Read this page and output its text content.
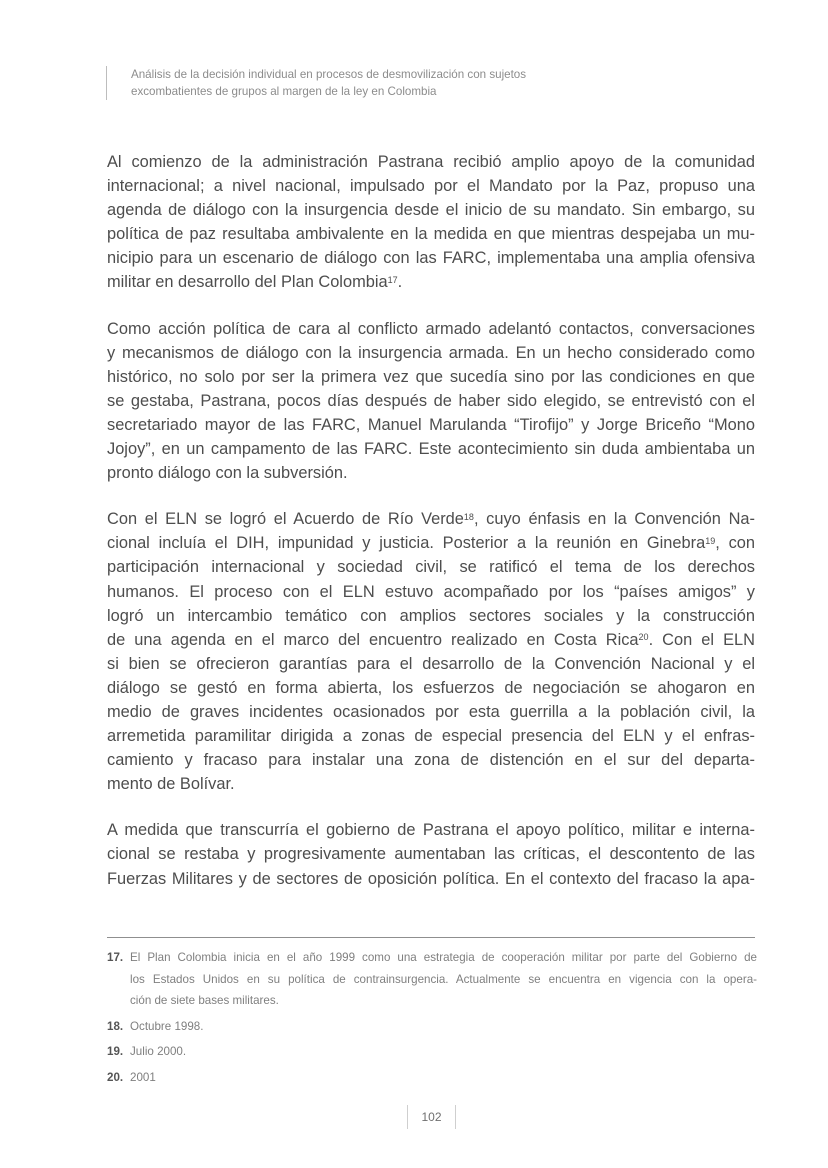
Análisis de la decisión individual en procesos de desmovilización con sujetos
excombatientes de grupos al margen de la ley en Colombia

Al comienzo de la administración Pastrana recibió amplio apoyo de la comunidad
internacional; a nivel nacional, impulsado por el Mandato por la Paz, propuso una
agenda de diálogo con la insurgencia desde el inicio de su mandato. Sin embargo, su
política de paz resultaba ambivalente en la medida en que mientras despejaba un mu-
nicipio para un escenario de diálogo con las FARC, implementaba una amplia ofensiva
militar en desarrollo del Plan Colombia$^{17}$.

Como acción política de cara al conflicto armado adelantó contactos, conversaciones
y mecanismos de diálogo con la insurgencia armada. En un hecho considerado como
histórico, no solo por ser la primera vez que sucedía sino por las condiciones en que
se gestaba, Pastrana, pocos días después de haber sido elegido, se entrevistó con el
secretariado mayor de las FARC, Manuel Marulanda “Tirofijo” y Jorge Briceño “Mono
Jojoy”, en un campamento de las FARC. Este acontecimiento sin duda ambientaba un
pronto diálogo con la subversión.

Con el ELN se logró el Acuerdo de Río Verde$^{18}$, cuyo énfasis en la Convención Na-
cional incluía el DIH, impunidad y justicia. Posterior a la reunión en Ginebra$^{19}$, con
participación internacional y sociedad civil, se ratificó el tema de los derechos
humanos. El proceso con el ELN estuvo acompañado por los “países amigos” y
logró un intercambio temático con amplios sectores sociales y la construcción
de una agenda en el marco del encuentro realizado en Costa Rica$^{20}$. Con el ELN
si bien se ofrecieron garantías para el desarrollo de la Convención Nacional y el
diálogo se gestó en forma abierta, los esfuerzos de negociación se ahogaron en
medio de graves incidentes ocasionados por esta guerrilla a la población civil, la
arremetida paramilitar dirigida a zonas de especial presencia del ELN y el enfras-
camiento y fracaso para instalar una zona de distención en el sur del departa-
mento de Bolívar.

A medida que transcurría el gobierno de Pastrana el apoyo político, militar e interna-
cional se restaba y progresivamente aumentaban las críticas, el descontento de las
Fuerzas Militares y de sectores de oposición política. En el contexto del fracaso la apa-

17. El Plan Colombia inicia en el año 1999 como una estrategia de cooperación militar por parte del Gobierno de
los Estados Unidos en su política de contrainsurgencia. Actualmente se encuentra en vigencia con la opera-
ción de siete bases militares.
18. Octubre 1998.
19. Julio 2000.
20. 2001
102
